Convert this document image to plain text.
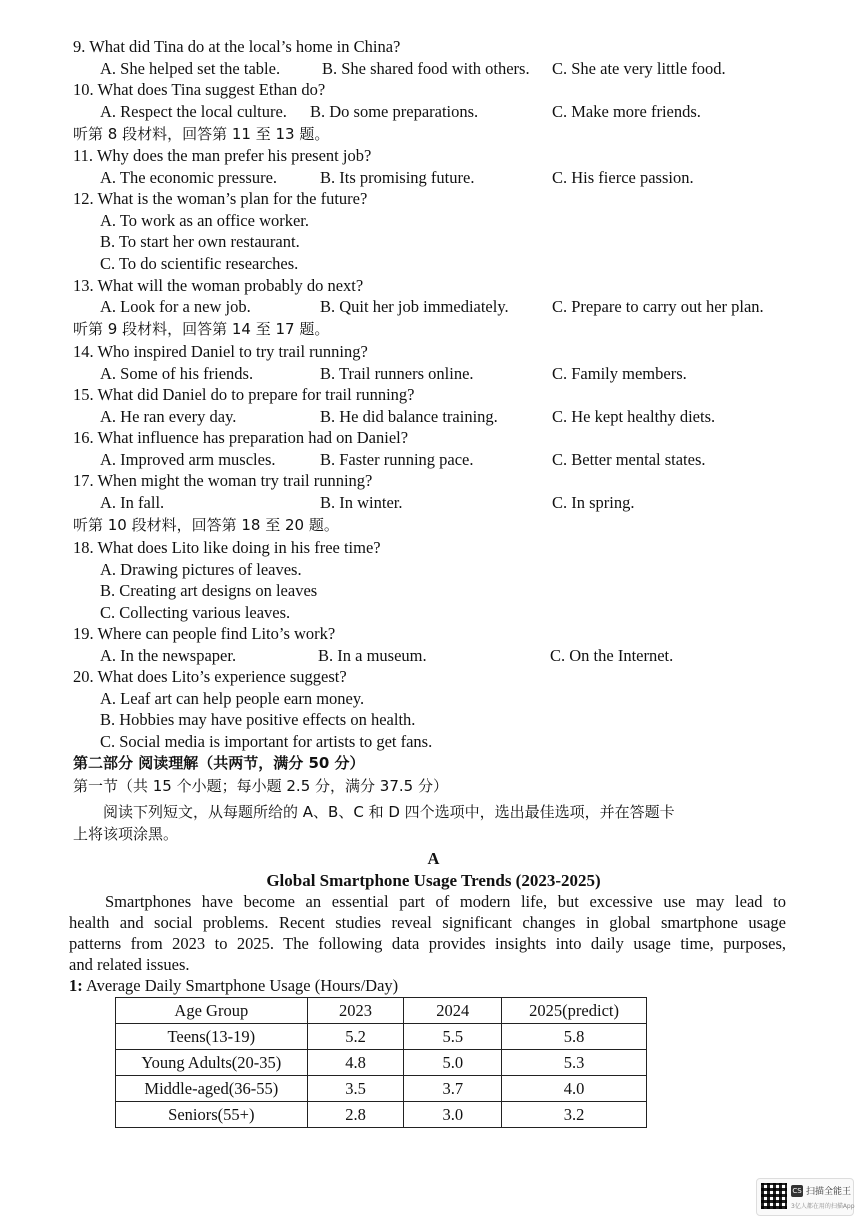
9. What did Tina do at the local’s home in China?
A. She helped set the table.	B. She shared food with others. C. She ate very little food.
10. What does Tina suggest Ethan do?
A. Respect the local culture. B. Do some preparations.	C. Make more friends.
听第 8 段材料，回答第 11 至 13 题。
11. Why does the man prefer his present job?
A. The economic pressure.	B. Its promising future.	C. His fierce passion.
12. What is the woman’s plan for the future?
A. To work as an office worker.
B. To start her own restaurant.
C. To do scientific researches.
13. What will the woman probably do next?
A. Look for a new job.	B. Quit her job immediately.	C. Prepare to carry out her plan.
听第 9 段材料，回答第 14 至 17 题。
14. Who inspired Daniel to try trail running?
A. Some of his friends.	B. Trail runners online.	C. Family members.
15. What did Daniel do to prepare for trail running?
A. He ran every day.	B. He did balance training.	C. He kept healthy diets.
16. What influence has preparation had on Daniel?
A. Improved arm muscles.	B. Faster running pace.	C. Better mental states.
17. When might the woman try trail running?
A. In fall.	B. In winter.	C. In spring.
听第 10 段材料，回答第 18 至 20 题。
18. What does Lito like doing in his free time?
A. Drawing pictures of leaves.
B. Creating art designs on leaves
C. Collecting various leaves.
19. Where can people find Lito’s work?
A. In the newspaper.	B. In a museum.	C. On the Internet.
20. What does Lito’s experience suggest?
A. Leaf art can help people earn money.
B. Hobbies may have positive effects on health.
C. Social media is important for artists to get fans.
第二部分 阅读理解（共两节，满分 50 分）
第一节（共 15 个小题；每小题 2.5 分，满分 37.5 分）
阅读下列短文，从每题所给的 A、B、C 和 D 四个选项中，选出最佳选项，并在答题卡
上将该项涂黑。
A
Global Smartphone Usage Trends (2023-2025)
Smartphones have become an essential part of modern life, but excessive use may lead to
health and social problems. Recent studies reveal significant changes in global smartphone usage
patterns from 2023 to 2025. The following data provides insights into daily usage time, purposes,
and related issues.
1: Average Daily Smartphone Usage (Hours/Day)
Age Group	2023	2024	2025(predict)
Teens(13-19)	5.2	5.5	5.8
Young Adults(20-35)	4.8	5.0	5.3
Middle-aged(36-55)	3.5	3.7	4.0
Seniors(55+)	2.8	3.0	3.2
CS 扫描全能王
3亿人都在用的扫描App
